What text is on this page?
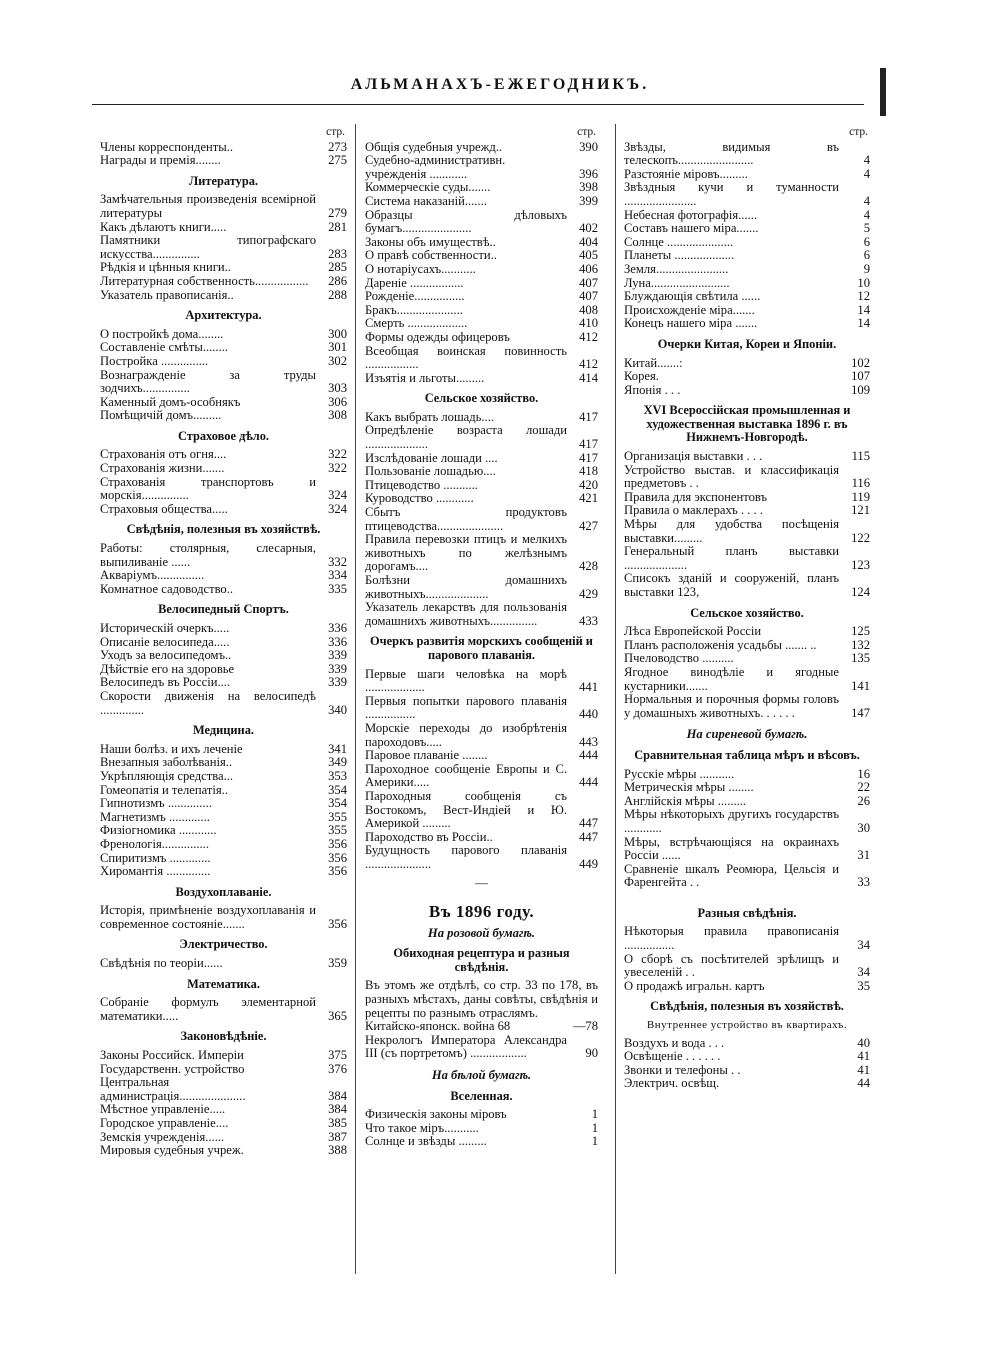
АЛЬМАНАХЪ-ЕЖЕГОДНИКЪ.
стр.
Члены корреспонденты..	273
Награды и премія........	275
Литература.
Замѣчательныя произведенія всемірной литературы	279
Какъ дѣлаютъ книги.....	281
Памятники типографскаго искусства...............	283
Рѣдкія и цѣнныя книги..	285
Литературная собственность.................	286
Указатель правописанія..	288
Архитектура.
О постройкѣ дома........	300
Составленіе смѣты........	301
Постройка ...............	302
Вознагражденіе за труды зодчихъ...............	303
Каменный домъ-особнякъ	306
Помѣщичій домъ.........	308
Страховое дѣло.
Страхованія отъ огня....	322
Страхованія жизни.......	322
Страхованія транспортовъ и морскія...............	324
Страховыя общества.....	324
Свѣдѣнія, полезныя въ хозяйствѣ.
Работы: столярныя, слесарныя, выпиливаніе ......	332
Акваріумъ...............	334
Комнатное садоводство..	335
Велосипедный Спортъ.
Историческій очеркъ.....	336
Описаніе велосипеда.....	336
Уходъ за велосипедомъ..	339
Дѣйствіе его на здоровье	339
Велосипедъ въ Россіи....	339
Скорости движенія на велосипедѣ ..............	340
Медицина.
Наши болѣз. и ихъ леченіе	341
Внезапныя заболѣванія..	349
Укрѣпляющія средства...	353
Гомеопатія и телепатія..	354
Гипнотизмъ ..............	354
Магнетизмъ .............	355
Физіогномика ............	355
Френологія...............	356
Спиритизмъ .............	356
Хиромантія ..............	356
Воздухоплаваніе.
Исторія, примѣненіе воздухоплаванія и современное состояніе.......	356
Электричество.
Свѣдѣнія по теоріи......	359
Математика.
Собраніе формулъ элементарной математики.....	365
Законовѣдѣніе.
Законы Российск. Имперіи	375
Государственн. устройство	376
Центральная администрація.....................	384
Мѣстное управленіе.....	384
Городское управленіе....	385
Земскія учрежденія......	387
Мировыя судебныя учреж.	388
стр.
Общія судебныя учрежд..	390
Судебно-административн. учрежденія ............	396
Коммерческіе суды.......	398
Система наказаній.......	399
Образцы дѣловыхъ бумагъ......................	402
Законы объ имуществѣ..	404
О правѣ собственности..	405
О нотаріусахъ...........	406
Дареніе .................	407
Рожденіе................	407
Бракъ.....................	408
Смерть ...................	410
Формы одежды офицеровъ	412
Всеобщая воинская повинность .................	412
Изъятія и льготы.........	414
Сельское хозяйство.
Какъ выбрать лошадь....	417
Опредѣленіе возраста лошади ....................	417
Изслѣдованіе лошади ....	417
Пользованіе лошадью....	418
Птицеводство ...........	420
Куроводство ............	421
Сбытъ продуктовъ птицеводства.....................	427
Правила перевозки птицъ и мелкихъ животныхъ по желѣзнымъ дорогамъ....	428
Болѣзни домашнихъ животныхъ....................	429
Указатель лекарствъ для пользованія домашнихъ животныхъ...............	433
Очеркъ развитія морскихъ сообщеній и парового плаванія.
Первые шаги человѣка на морѣ ...................	441
Первыя попытки парового плаванія ................	440
Морскіе переходы до изобрѣтенія пароходовъ.....	443
Паровое плаваніе ........	444
Пароходное сообщеніе Европы и С. Америки.....	444
Пароходныя сообщенія съ Востокомъ, Вест-Индіей и Ю. Америкой .........	447
Пароходство въ Россіи..	447
Будущность парового плаванія .....................	449
—
Въ 1896 году.
На розовой бумагѣ.
Обиходная рецептура и разныя свѣдѣнія.
Въ этомъ же отдѣлѣ, со стр. 33 по 178, въ разныхъ мѣстахъ, даны совѣты, свѣдѣнія и рецепты по разнымъ отраслямъ.
Китайско-японск. война 68	—78
Некрологъ Императора Александра III (съ портретомъ) ..................	90
На бѣлой бумагѣ.
Вселенная.
Физическія законы міровъ	1
Что такое міръ...........	1
Солнце и звѣзды .........	1
стр.
Звѣзды, видимыя въ телескопъ........................	4
Разстояніе міровъ.........	4
Звѣздныя кучи и туманности .......................	4
Небесная фотографія......	4
Составъ нашего міра.......	5
Солнце .....................	6
Планеты ...................	6
Земля.......................	9
Луна.........................	10
Блуждающія свѣтила ......	12
Происхожденіе міра.......	14
Конецъ нашего міра .......	14
Очерки Китая, Кореи и Японіи.
Китай.......:	102
Корея.	107
Японія . . .	109
XVI Всероссійская промышленная и художественная выставка 1896 г. въ Нижнемъ-Новгородѣ.
Организація выставки . . .	115
Устройство выстав. и классификація предметовъ . .	116
Правила для экспонентовъ	119
Правила о маклерахъ . . . .	121
Мѣры для удобства посѣщенія выставки.........	122
Генеральный планъ выставки ....................	123
Списокъ зданій и сооруженій, планъ выставки 123,	124
Сельское хозяйство.
Лѣса Европейской Россіи	125
Планъ расположенія усадьбы ....... ..	132
Пчеловодство ..........	135
Ягодное винодѣліе и ягодные кустарники.......	141
Нормальныя и порочныя формы головъ у домашныхъ животныхъ. . . . . .	147
На сиреневой бумагѣ.
Сравнительная таблица мѣръ и вѣсовъ.
Русскіе мѣры ...........	16
Метрическія мѣры ........	22
Англійскія мѣры .........	26
Мѣры нѣкоторыхъ другихъ государствъ ............	30
Мѣры, встрѣчающіяся на окраинахъ Россіи ......	31
Сравненіе шкалъ Реомюра, Цельсія и Фаренгейта . .	33
Разныя свѣдѣнія.
Нѣкоторыя правила правописанія ................	34
О сборѣ съ посѣтителей зрѣлищъ и увеселеній . .	34
О продажѣ игральн. картъ	35
Свѣдѣнія, полезныя въ хозяйствѣ.
Внутреннее устройство въ квартирахъ.
Воздухъ и вода . . .	40
Освѣщеніе . . . . . .	41
Звонки и телефоны . .	41
Электрич. освѣщ.	44
